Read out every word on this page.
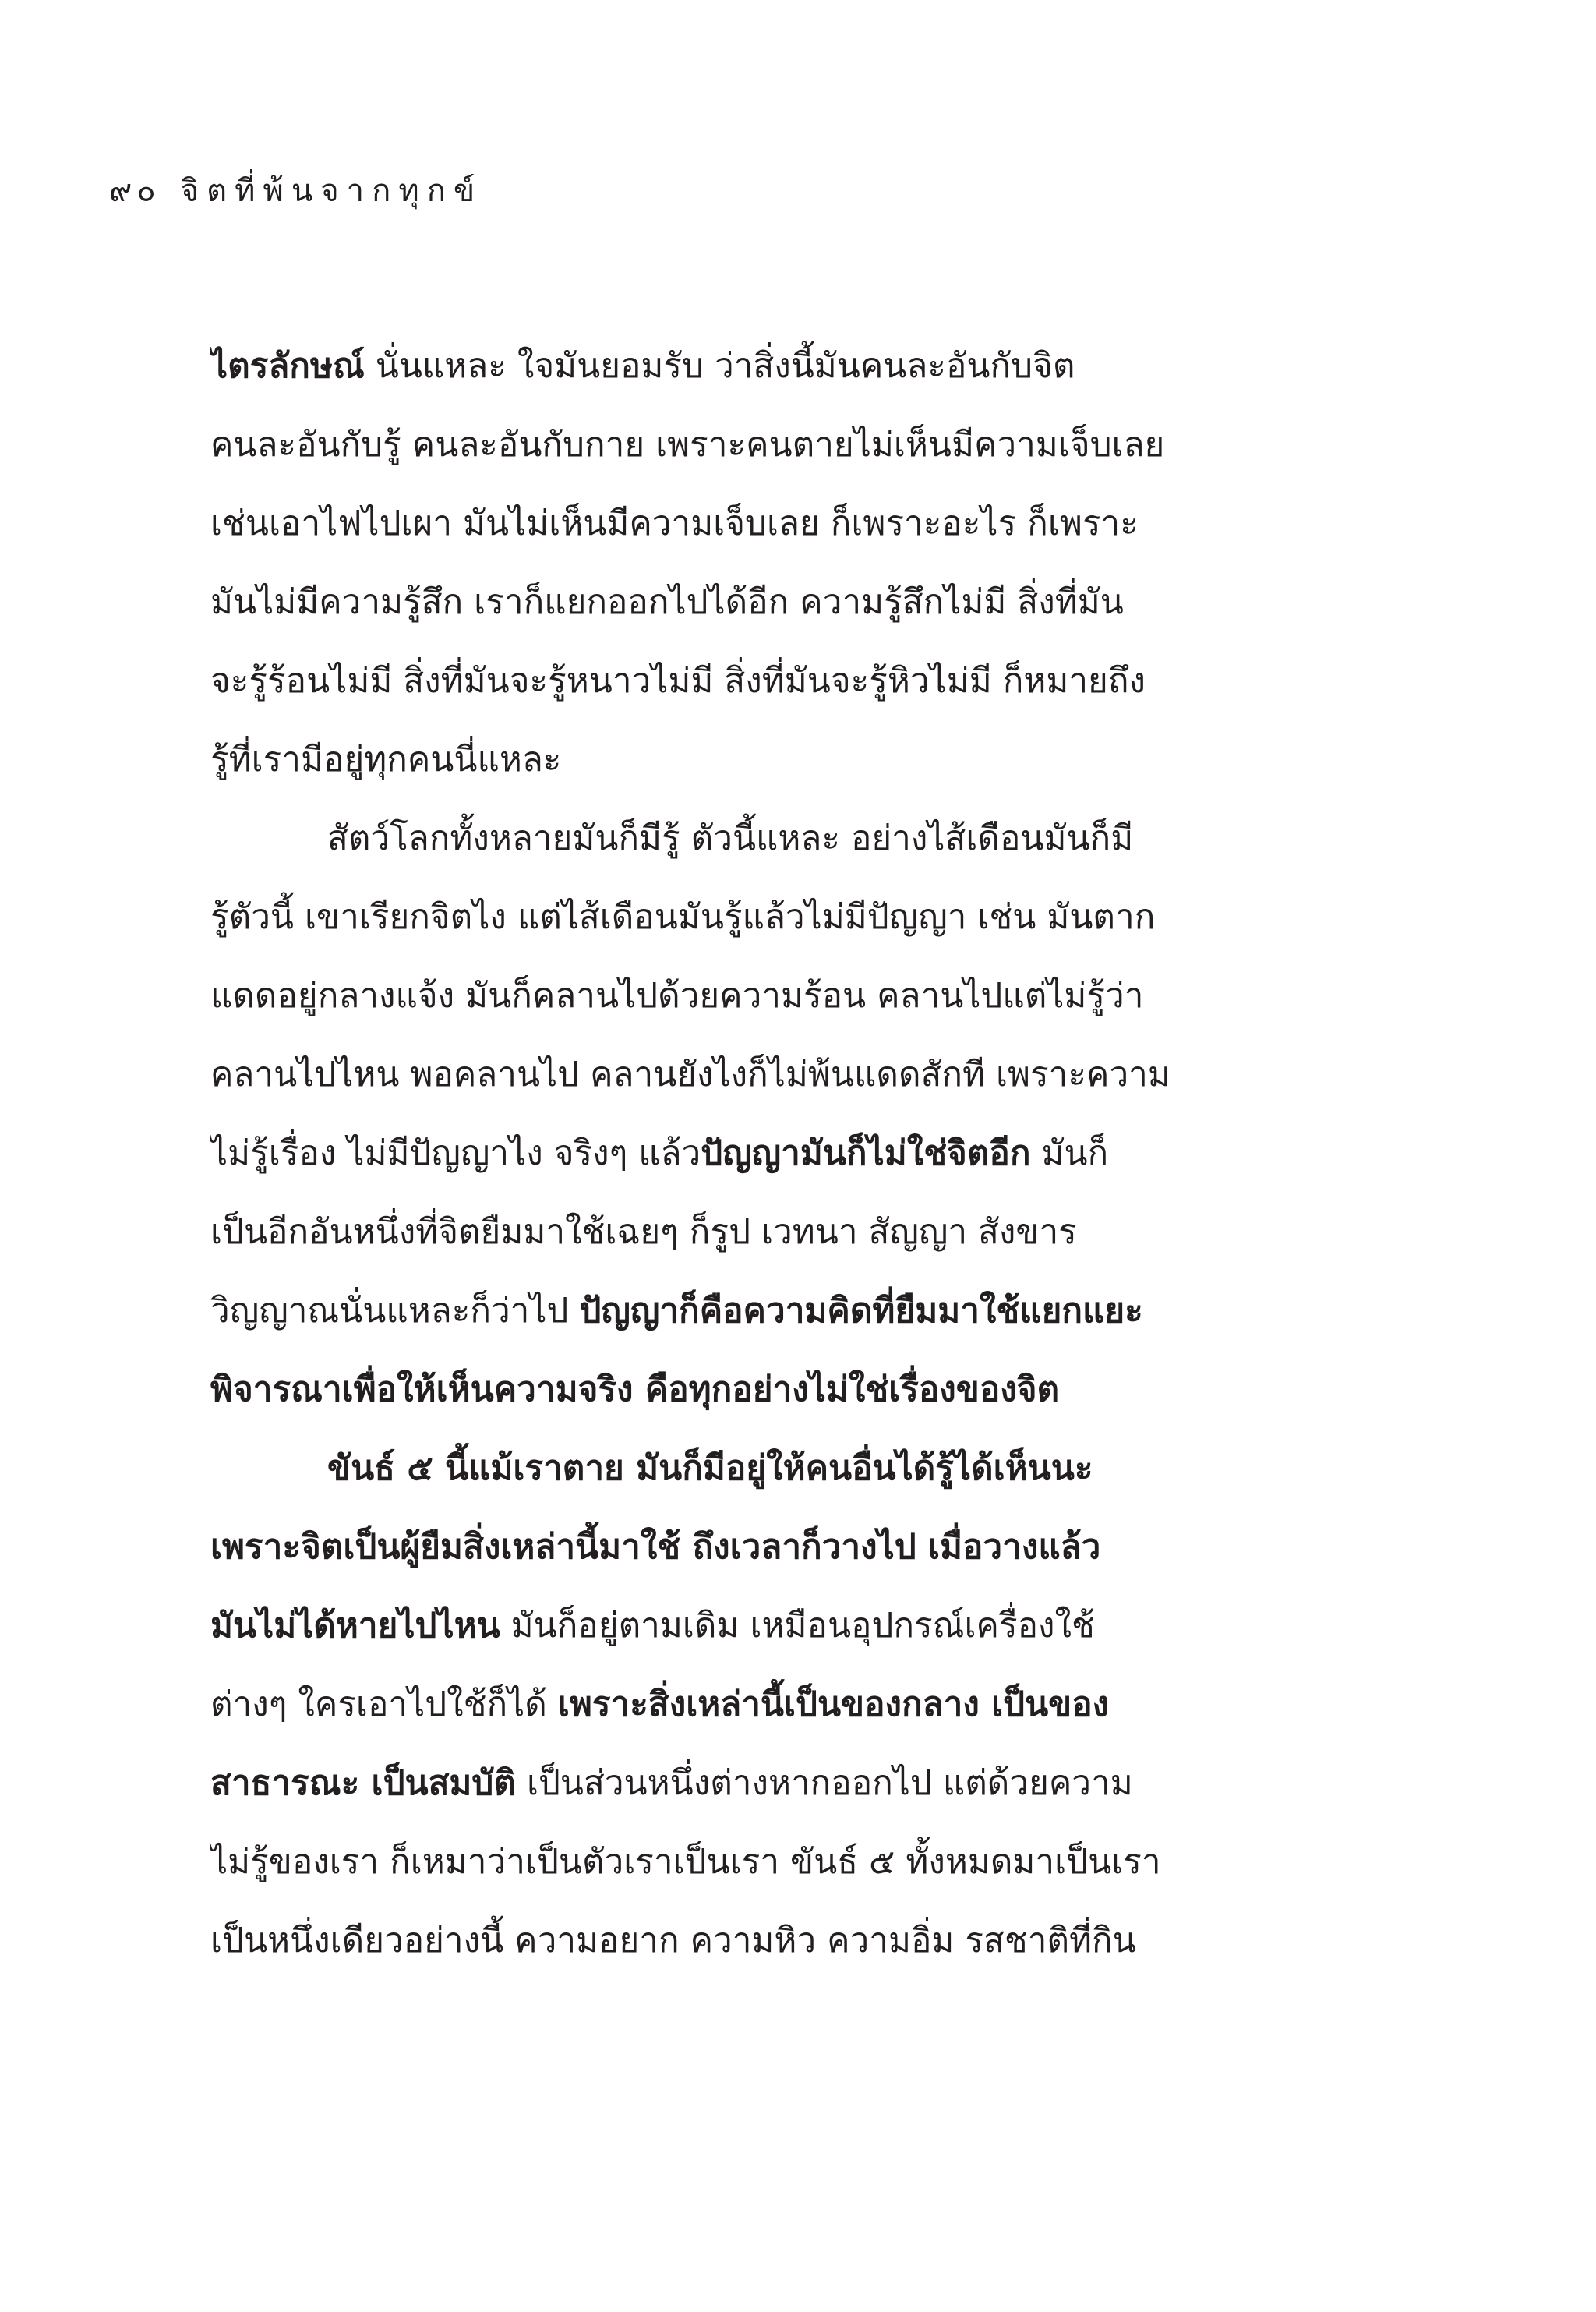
๙๐ จิตที่พ้นจากทุกข์
ไตรลักษณ์ นั่นแหละ ใจมันยอมรับ ว่าสิ่งนี้มันคนละอันกับจิต
คนละอันกับรู้ คนละอันกับกาย เพราะคนตายไม่เห็นมีความเจ็บเลย
เช่นเอาไฟไปเผา มันไม่เห็นมีความเจ็บเลย ก็เพราะอะไร ก็เพราะ
มันไม่มีความรู้สึก เราก็แยกออกไปได้อีก ความรู้สึกไม่มี สิ่งที่มัน
จะรู้ร้อนไม่มี สิ่งที่มันจะรู้หนาวไม่มี สิ่งที่มันจะรู้หิวไม่มี ก็หมายถึง
รู้ที่เรามีอยู่ทุกคนนี่แหละ
สัตว์โลกทั้งหลายมันก็มีรู้ ตัวนี้แหละ อย่างไส้เดือนมันก็มี
รู้ตัวนี้ เขาเรียกจิตไง แต่ไส้เดือนมันรู้แล้วไม่มีปัญญา เช่น มันตาก
แดดอยู่กลางแจ้ง มันก็คลานไปด้วยความร้อน คลานไปแต่ไม่รู้ว่า
คลานไปไหน พอคลานไป คลานยังไงก็ไม่พ้นแดดสักที เพราะความ
ไม่รู้เรื่อง ไม่มีปัญญาไง จริงๆ แล้วปัญญามันก็ไม่ใช่จิตอีก มันก็
เป็นอีกอันหนึ่งที่จิตยืมมาใช้เฉยๆ ก็รูป เวทนา สัญญา สังขาร
วิญญาณนั่นแหละก็ว่าไป ปัญญาก็คือความคิดที่ยืมมาใช้แยกแยะ
พิจารณาเพื่อให้เห็นความจริง คือทุกอย่างไม่ใช่เรื่องของจิต
ขันธ์ ๕ นี้แม้เราตาย มันก็มีอยู่ให้คนอื่นได้รู้ได้เห็นนะ
เพราะจิตเป็นผู้ยืมสิ่งเหล่านี้มาใช้ ถึงเวลาก็วางไป เมื่อวางแล้ว
มันไม่ได้หายไปไหน มันก็อยู่ตามเดิม เหมือนอุปกรณ์เครื่องใช้
ต่างๆ ใครเอาไปใช้ก็ได้ เพราะสิ่งเหล่านี้เป็นของกลาง เป็นของ
สาธารณะ เป็นสมบัติ เป็นส่วนหนึ่งต่างหากออกไป แต่ด้วยความ
ไม่รู้ของเรา ก็เหมาว่าเป็นตัวเราเป็นเรา ขันธ์ ๕ ทั้งหมดมาเป็นเรา
เป็นหนึ่งเดียวอย่างนี้ ความอยาก ความหิว ความอิ่ม รสชาติที่กิน
